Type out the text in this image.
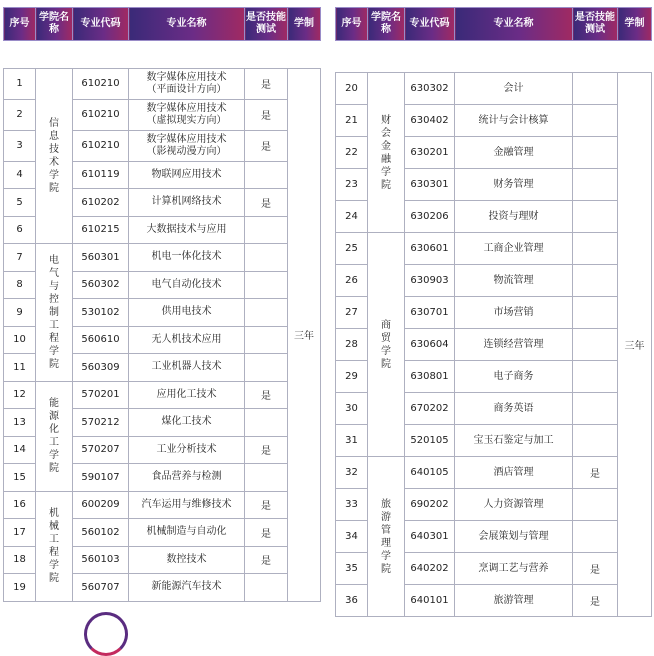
序号	学院名称	专业代码	专业名称	是否技能测试	学制

1	信息技术学院	610210	数字媒体应用技术
（平面设计方向）	是	三年
2		610210	数字媒体应用技术
（虚拟现实方向）	是	
3		610210	数字媒体应用技术
（影视动漫方向）	是	
4		610119	物联网应用技术		

5		610202	计算机网络技术	是	
6		610215	大数据技术与应用		

7	电气与控制工程学院	560301	机电一体化技术		

8		560302	电气自动化技术		

9		530102	供用电技术		

10		560610	无人机技术应用		

11		560309	工业机器人技术		

12	能源化工学院	570201	应用化工技术	是	
13		570212	煤化工技术		

14		570207	工业分析技术	是	
15		590107	食品营养与检测		

16	机械工程学院	600209	汽车运用与维修技术	是	
17		560102	机械制造与自动化	是	
18		560103	数控技术	是	
19		560707	新能源汽车技术		

序号	学院名称	专业代码	专业名称	是否技能测试	学制

20	财会金融学院	630302	会计		三年
21		630402	统计与会计核算		

22		630201	金融管理		

23		630301	财务管理		

24		630206	投资与理财		

25	商贸学院	630601	工商企业管理		

26		630903	物流管理		

27		630701	市场营销		

28		630604	连锁经营管理		

29		630801	电子商务		

30		670202	商务英语		

31		520105	宝玉石鉴定与加工		

32	旅游管理学院	640105	酒店管理	是	
33		690202	人力资源管理		

34		640301	会展策划与管理		

35		640202	烹调工艺与营养	是	
36		640101	旅游管理	是	
